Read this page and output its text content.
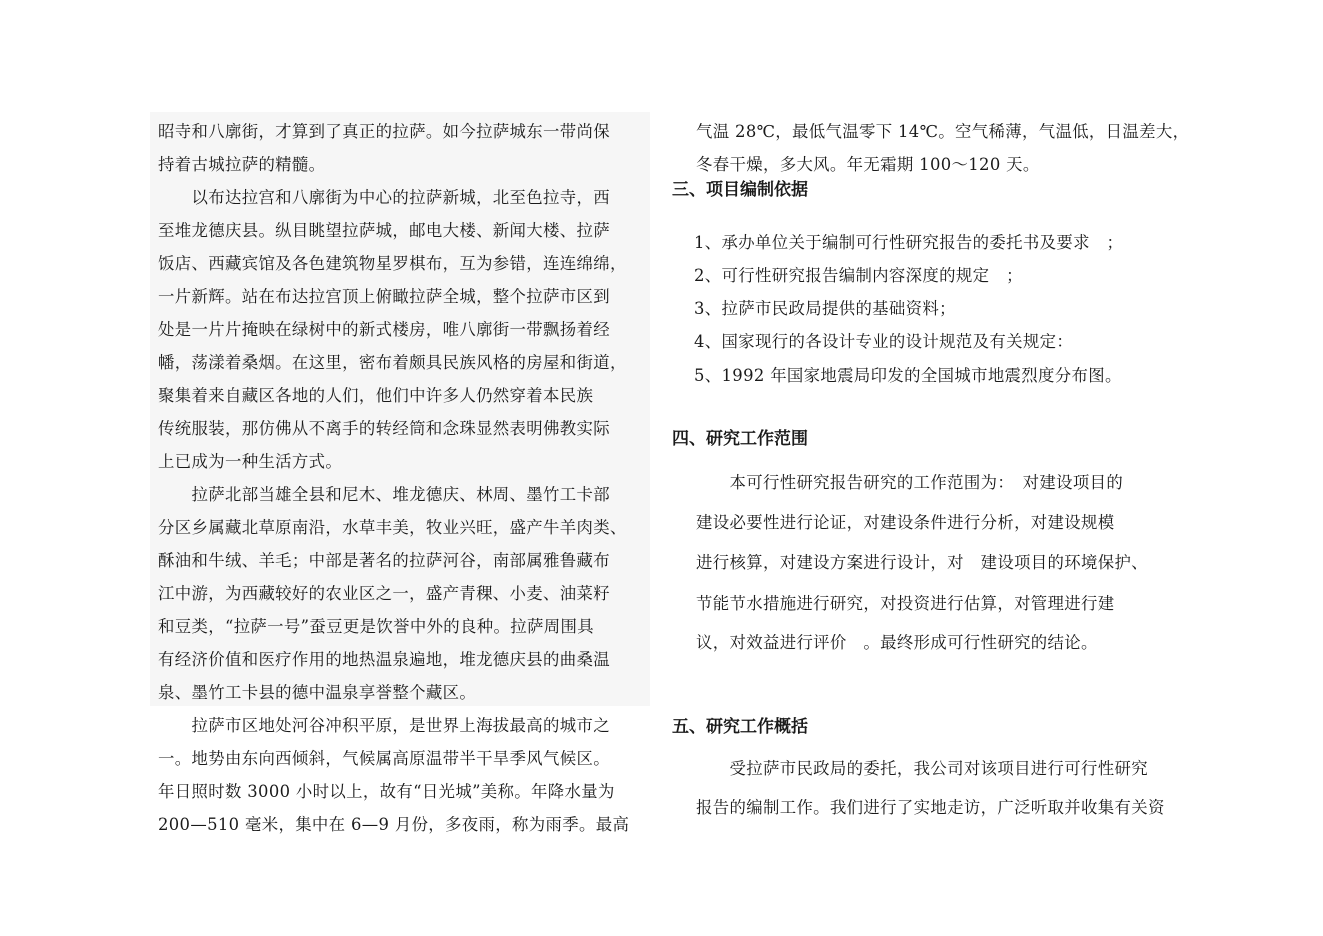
昭寺和八廓街，才算到了真正的拉萨。如今拉萨城东一带尚保
持着古城拉萨的精髓。
　　以布达拉宫和八廓街为中心的拉萨新城，北至色拉寺，西
至堆龙德庆县。纵目眺望拉萨城，邮电大楼、新闻大楼、拉萨
饭店、西藏宾馆及各色建筑物星罗棋布，互为参错，连连绵绵，
一片新辉。站在布达拉宫顶上俯瞰拉萨全城，整个拉萨市区到
处是一片片掩映在绿树中的新式楼房，唯八廓街一带飘扬着经
幡，荡漾着桑烟。在这里，密布着颇具民族风格的房屋和街道，
聚集着来自藏区各地的人们，他们中许多人仍然穿着本民族
传统服装，那仿佛从不离手的转经筒和念珠显然表明佛教实际
上已成为一种生活方式。
　　拉萨北部当雄全县和尼木、堆龙德庆、林周、墨竹工卡部
分区乡属藏北草原南沿，水草丰美，牧业兴旺，盛产牛羊肉类、
酥油和牛绒、羊毛；中部是著名的拉萨河谷，南部属雅鲁藏布
江中游，为西藏较好的农业区之一，盛产青稞、小麦、油菜籽
和豆类，“拉萨一号”蚕豆更是饮誉中外的良种。拉萨周围具
有经济价值和医疗作用的地热温泉遍地，堆龙德庆县的曲桑温
泉、墨竹工卡县的德中温泉享誉整个藏区。
　　拉萨市区地处河谷冲积平原，是世界上海拔最高的城市之
一。地势由东向西倾斜，气候属高原温带半干旱季风气候区。
年日照时数 3000 小时以上，故有“日光城”美称。年降水量为
200—510 毫米，集中在 6—9 月份，多夜雨，称为雨季。最高
气温 28℃，最低气温零下 14℃。空气稀薄，气温低，日温差大，
冬春干燥，多大风。年无霜期 100～120 天。
三、项目编制依据
1、承办单位关于编制可行性研究报告的委托书及要求　；
2、可行性研究报告编制内容深度的规定　；
3、拉萨市民政局提供的基础资料；
4、国家现行的各设计专业的设计规范及有关规定：
5、1992 年国家地震局印发的全国城市地震烈度分布图。
四、研究工作范围
　　本可行性研究报告研究的工作范围为：　对建设项目的
建设必要性进行论证，对建设条件进行分析，对建设规模
进行核算，对建设方案进行设计，对　建设项目的环境保护、
节能节水措施进行研究，对投资进行估算，对管理进行建
议，对效益进行评价　。最终形成可行性研究的结论。
五、研究工作概括
　　受拉萨市民政局的委托，我公司对该项目进行可行性研究
报告的编制工作。我们进行了实地走访，广泛听取并收集有关资
